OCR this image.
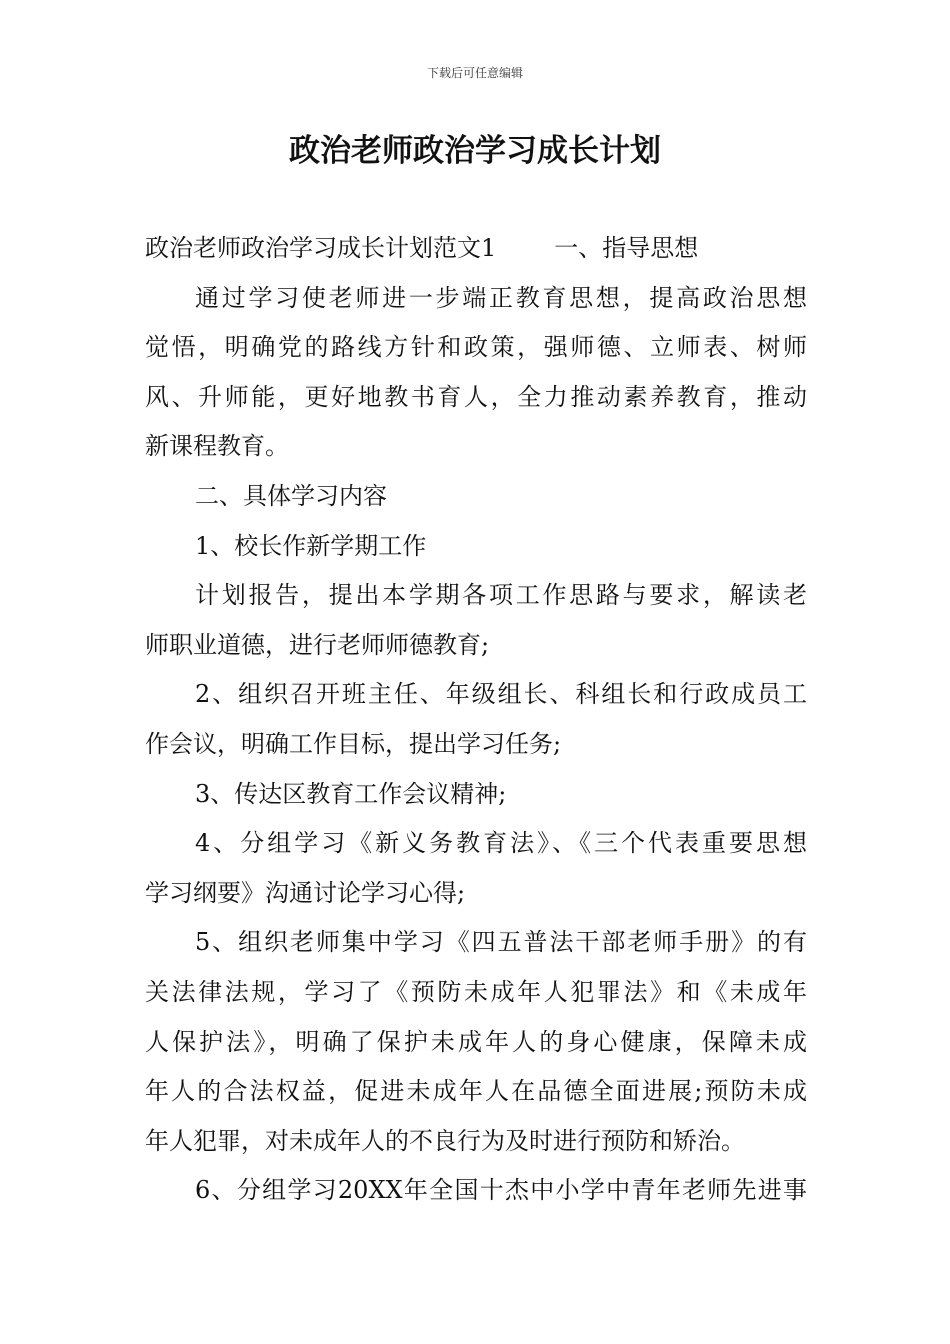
下载后可任意编辑
政治老师政治学习成长计划
政治老师政治学习成长计划范文1 一、指导思想
通过学习使老师进一步端正教育思想，提高政治思想
觉悟，明确党的路线方针和政策，强师德、立师表、树师
风、升师能，更好地教书育人，全力推动素养教育，推动
新课程教育。
二、具体学习内容
1、校长作新学期工作
计划报告，提出本学期各项工作思路与要求，解读老
师职业道德，进行老师师德教育;
2、组织召开班主任、年级组长、科组长和行政成员工
作会议，明确工作目标，提出学习任务;
3、传达区教育工作会议精神;
4、分组学习《新义务教育法》、《三个代表重要思想
学习纲要》沟通讨论学习心得;
5、组织老师集中学习《四五普法干部老师手册》的有
关法律法规，学习了《预防未成年人犯罪法》和《未成年
人保护法》，明确了保护未成年人的身心健康，保障未成
年人的合法权益，促进未成年人在品德全面进展;预防未成
年人犯罪，对未成年人的不良行为及时进行预防和矫治。
6、分组学习20XX年全国十杰中小学中青年老师先进事
